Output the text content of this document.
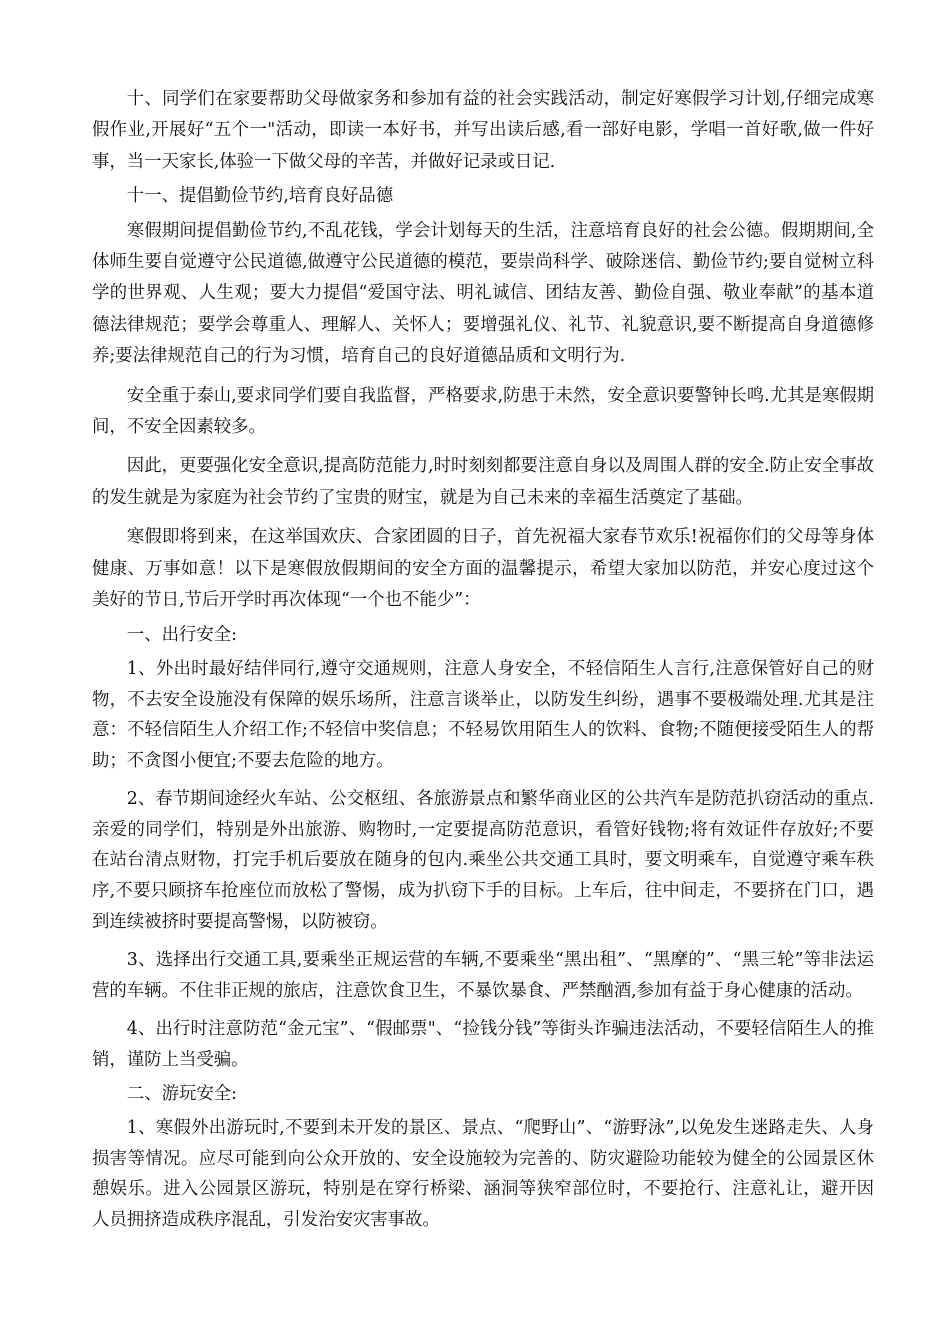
十、同学们在家要帮助父母做家务和参加有益的社会实践活动，制定好寒假学习计划,仔细完成寒假作业,开展好“五个一"活动，即读一本好书，并写出读后感,看一部好电影，学唱一首好歌,做一件好事，当一天家长,体验一下做父母的辛苦，并做好记录或日记.

十一、提倡勤俭节约,培育良好品德

寒假期间提倡勤俭节约,不乱花钱，学会计划每天的生活，注意培育良好的社会公德。假期期间,全体师生要自觉遵守公民道德,做遵守公民道德的模范，要崇尚科学、破除迷信、勤俭节约;要自觉树立科学的世界观、人生观；要大力提倡“爱国守法、明礼诚信、团结友善、勤俭自强、敬业奉献”的基本道德法律规范；要学会尊重人、理解人、关怀人；要增强礼仪、礼节、礼貌意识,要不断提高自身道德修养;要法律规范自己的行为习惯，培育自己的良好道德品质和文明行为.

安全重于泰山,要求同学们要自我监督，严格要求,防患于未然，安全意识要警钟长鸣.尤其是寒假期间，不安全因素较多。

因此，更要强化安全意识,提高防范能力,时时刻刻都要注意自身以及周围人群的安全.防止安全事故的发生就是为家庭为社会节约了宝贵的财宝，就是为自己未来的幸福生活奠定了基础。

寒假即将到来，在这举国欢庆、合家团圆的日子，首先祝福大家春节欢乐!祝福你们的父母等身体健康、万事如意！以下是寒假放假期间的安全方面的温馨提示，希望大家加以防范，并安心度过这个美好的节日,节后开学时再次体现“一个也不能少”：

一、出行安全:

1、外出时最好结伴同行,遵守交通规则，注意人身安全，不轻信陌生人言行,注意保管好自己的财物，不去安全设施没有保障的娱乐场所，注意言谈举止，以防发生纠纷，遇事不要极端处理.尤其是注意：不轻信陌生人介绍工作;不轻信中奖信息；不轻易饮用陌生人的饮料、食物;不随便接受陌生人的帮助；不贪图小便宜;不要去危险的地方。

2、春节期间途经火车站、公交枢纽、各旅游景点和繁华商业区的公共汽车是防范扒窃活动的重点.亲爱的同学们，特别是外出旅游、购物时,一定要提高防范意识，看管好钱物;将有效证件存放好;不要在站台清点财物，打完手机后要放在随身的包内.乘坐公共交通工具时，要文明乘车，自觉遵守乘车秩序,不要只顾挤车抢座位而放松了警惕，成为扒窃下手的目标。上车后，往中间走，不要挤在门口，遇到连续被挤时要提高警惕，以防被窃。

3、选择出行交通工具,要乘坐正规运营的车辆,不要乘坐“黑出租”、“黑摩的”、“黑三轮”等非法运营的车辆。不住非正规的旅店，注意饮食卫生，不暴饮暴食、严禁酗酒,参加有益于身心健康的活动。

4、出行时注意防范“金元宝”、“假邮票"、“捡钱分钱”等街头诈骗违法活动，不要轻信陌生人的推销，谨防上当受骗。

二、游玩安全:

1、寒假外出游玩时,不要到未开发的景区、景点、“爬野山”、“游野泳”,以免发生迷路走失、人身损害等情况。应尽可能到向公众开放的、安全设施较为完善的、防灾避险功能较为健全的公园景区休憩娱乐。进入公园景区游玩，特别是在穿行桥梁、涵洞等狭窄部位时，不要抢行、注意礼让，避开因人员拥挤造成秩序混乱，引发治安灾害事故。
